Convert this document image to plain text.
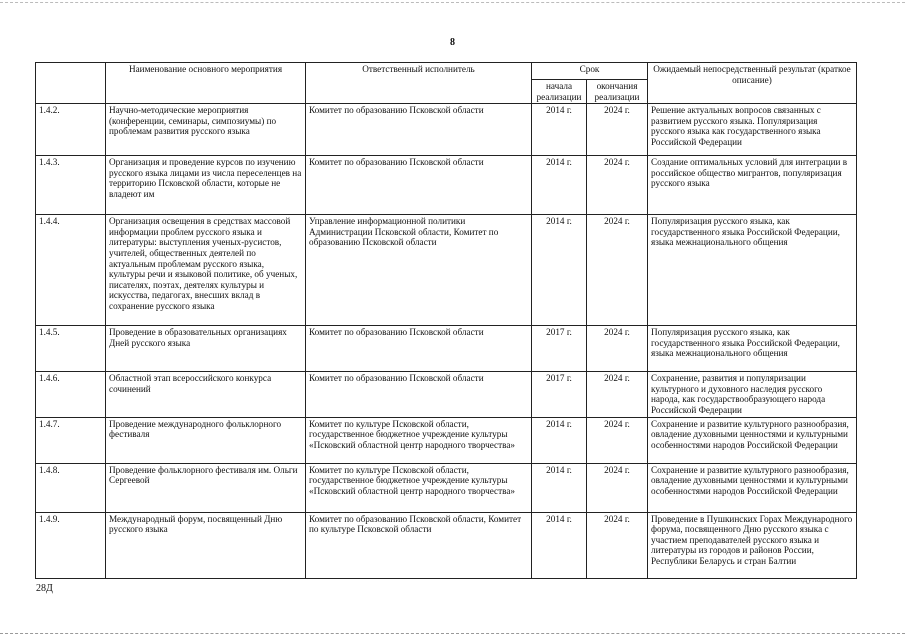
8
	Наименование основного мероприятия	Ответственный исполнитель	Срок		Ожидаемый непосредственный результат (краткое описание)
			начала реализации	окончания реализации	
1.4.2.	Научно-методические мероприятия (конференции, семинары, симпозиумы) по проблемам развития русского языка	Комитет по образованию Псковской области	2014 г.	2024 г.	Решение актуальных вопросов связанных с развитием русского языка. Популяризация русского языка как государственного языка Российской Федерации
1.4.3.	Организация и проведение курсов по изучению русского языка лицами из числа переселенцев на территорию Псковской области, которые не владеют им	Комитет по образованию Псковской области	2014 г.	2024 г.	Создание оптимальных условий для интеграции в российское общество мигрантов, популяризация русского языка
1.4.4.	Организация освещения в средствах массовой информации проблем русского языка и литературы: выступления ученых-русистов, учителей, общественных деятелей по актуальным проблемам русского языка, культуры речи и языковой политике, об ученых, писателях, поэтах, деятелях культуры и искусства, педагогах, внесших вклад в сохранение русского языка	Управление информационной политики Администрации Псковской области, Комитет по образованию Псковской области	2014 г.	2024 г.	Популяризация русского языка, как государственного языка Российской Федерации, языка межнационального общения
1.4.5.	Проведение в образовательных организациях Дней русского языка	Комитет по образованию Псковской области	2017 г.	2024 г.	Популяризация русского языка, как государственного языка Российской Федерации, языка межнационального общения
1.4.6.	Областной этап всероссийского конкурса сочинений	Комитет по образованию Псковской области	2017 г.	2024 г.	Сохранение, развития и популяризации культурного и духовного наследия русского народа, как государствообразующего народа Российской Федерации
1.4.7.	Проведение международного фольклорного фестиваля	Комитет по культуре Псковской области, государственное бюджетное учреждение культуры «Псковский областной центр народного творчества»	2014 г.	2024 г.	Сохранение и развитие культурного разнообразия, овладение духовными ценностями и культурными особенностями народов Российской Федерации
1.4.8.	Проведение фольклорного фестиваля им. Ольги Сергеевой	Комитет по культуре Псковской области, государственное бюджетное учреждение культуры «Псковский областной центр народного творчества»	2014 г.	2024 г.	Сохранение и развитие культурного разнообразия, овладение духовными ценностями и культурными особенностями народов Российской Федерации
1.4.9.	Международный форум, посвященный Дню русского языка	Комитет по образованию Псковской области, Комитет по культуре Псковской области	2014 г.	2024 г.	Проведение в Пушкинских Горах Международного форума, посвященного Дню русского языка с участием преподавателей русского языка и литературы из городов и районов России, Республики Беларусь и стран Балтии
28Д
